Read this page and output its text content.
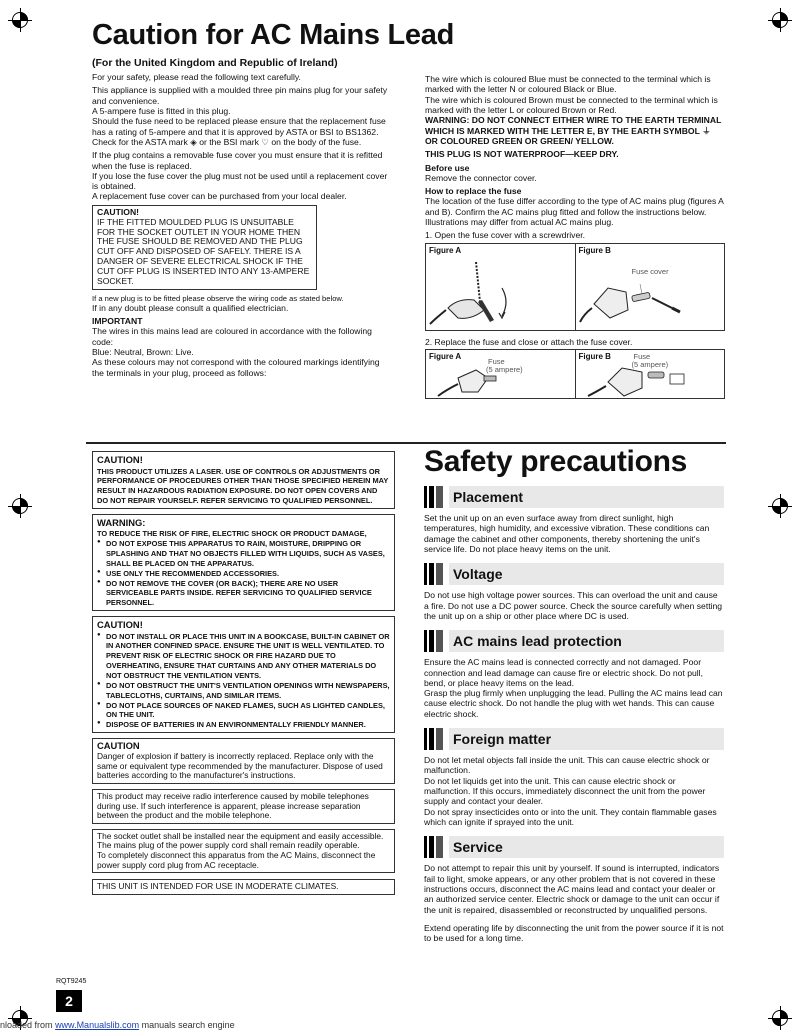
Caution for AC Mains Lead
(For the United Kingdom and Republic of Ireland)

For your safety, please read the following text carefully.

This appliance is supplied with a moulded three pin mains plug for your safety and convenience.

A 5-ampere fuse is fitted in this plug.

Should the fuse need to be replaced please ensure that the replacement fuse has a rating of 5-ampere and that it is approved by ASTA or BSI to BS1362.

Check for the ASTA mark ◈ or the BSI mark ♡ on the body of the fuse.

If the plug contains a removable fuse cover you must ensure that it is refitted when the fuse is replaced.

If you lose the fuse cover the plug must not be used until a replacement cover is obtained.

A replacement fuse cover can be purchased from your local dealer.

CAUTION!
IF THE FITTED MOULDED PLUG IS UNSUITABLE FOR THE SOCKET OUTLET IN YOUR HOME THEN THE FUSE SHOULD BE REMOVED AND THE PLUG CUT OFF AND DISPOSED OF SAFELY. THERE IS A DANGER OF SEVERE ELECTRICAL SHOCK IF THE CUT OFF PLUG IS INSERTED INTO ANY 13-AMPERE SOCKET.

If a new plug is to be fitted please observe the wiring code as stated below.

If in any doubt please consult a qualified electrician.

IMPORTANT

The wires in this mains lead are coloured in accordance with the following code:

Blue: Neutral, Brown: Live.

As these colours may not correspond with the coloured markings identifying the terminals in your plug, proceed as follows:

The wire which is coloured Blue must be connected to the terminal which is marked with the letter N or coloured Black or Blue.

The wire which is coloured Brown must be connected to the terminal which is marked with the letter L or coloured Brown or Red.

WARNING: DO NOT CONNECT EITHER WIRE TO THE EARTH TERMINAL WHICH IS MARKED WITH THE LETTER E, BY THE EARTH SYMBOL ⏚ OR COLOURED GREEN OR GREEN/ YELLOW.

THIS PLUG IS NOT WATERPROOF—KEEP DRY.

Before use

Remove the connector cover.

How to replace the fuse

The location of the fuse differ according to the type of AC mains plug (figures A and B). Confirm the AC mains plug fitted and follow the instructions below.

Illustrations may differ from actual AC mains plug.

1. Open the fuse cover with a screwdriver.

Figure A	Figure B
Fuse cover

2. Replace the fuse and close or attach the fuse cover.

Figure A
Fuse
(5 ampere)
Figure B	Fuse
(5 ampere)
CAUTION!
THIS PRODUCT UTILIZES A LASER. USE OF CONTROLS OR ADJUSTMENTS OR PERFORMANCE OF PROCEDURES OTHER THAN THOSE SPECIFIED HEREIN MAY RESULT IN HAZARDOUS RADIATION EXPOSURE. DO NOT OPEN COVERS AND DO NOT REPAIR YOURSELF. REFER SERVICING TO QUALIFIED PERSONNEL.
WARNING:
TO REDUCE THE RISK OF FIRE, ELECTRIC SHOCK OR PRODUCT DAMAGE,
● DO NOT EXPOSE THIS APPARATUS TO RAIN, MOISTURE, DRIPPING OR SPLASHING AND THAT NO OBJECTS FILLED WITH LIQUIDS, SUCH AS VASES, SHALL BE PLACED ON THE APPARATUS.
● USE ONLY THE RECOMMENDED ACCESSORIES.
● DO NOT REMOVE THE COVER (OR BACK); THERE ARE NO USER SERVICEABLE PARTS INSIDE. REFER SERVICING TO QUALIFIED SERVICE PERSONNEL.
CAUTION!
● DO NOT INSTALL OR PLACE THIS UNIT IN A BOOKCASE, BUILT-IN CABINET OR IN ANOTHER CONFINED SPACE. ENSURE THE UNIT IS WELL VENTILATED. TO PREVENT RISK OF ELECTRIC SHOCK OR FIRE HAZARD DUE TO OVERHEATING, ENSURE THAT CURTAINS AND ANY OTHER MATERIALS DO NOT OBSTRUCT THE VENTILATION VENTS.
● DO NOT OBSTRUCT THE UNIT'S VENTILATION OPENINGS WITH NEWSPAPERS, TABLECLOTHS, CURTAINS, AND SIMILAR ITEMS.
● DO NOT PLACE SOURCES OF NAKED FLAMES, SUCH AS LIGHTED CANDLES, ON THE UNIT.
● DISPOSE OF BATTERIES IN AN ENVIRONMENTALLY FRIENDLY MANNER.
CAUTION
Danger of explosion if battery is incorrectly replaced. Replace only with the same or equivalent type recommended by the manufacturer. Dispose of used batteries according to the manufacturer's instructions.
This product may receive radio interference caused by mobile telephones during use. If such interference is apparent, please increase separation between the product and the mobile telephone.
The socket outlet shall be installed near the equipment and easily accessible.
The mains plug of the power supply cord shall remain readily operable.
To completely disconnect this apparatus from the AC Mains, disconnect the power supply cord plug from AC receptacle.
THIS UNIT IS INTENDED FOR USE IN MODERATE CLIMATES.
Safety precautions
Placement
Set the unit up on an even surface away from direct sunlight, high temperatures, high humidity, and excessive vibration. These conditions can damage the cabinet and other components, thereby shortening the unit's service life. Do not place heavy items on the unit.
Voltage
Do not use high voltage power sources. This can overload the unit and cause a fire. Do not use a DC power source. Check the source carefully when setting the unit up on a ship or other place where DC is used.
AC mains lead protection
Ensure the AC mains lead is connected correctly and not damaged. Poor connection and lead damage can cause fire or electric shock. Do not pull, bend, or place heavy items on the lead.
Grasp the plug firmly when unplugging the lead. Pulling the AC mains lead can cause electric shock. Do not handle the plug with wet hands. This can cause electric shock.
Foreign matter
Do not let metal objects fall inside the unit. This can cause electric shock or malfunction.
Do not let liquids get into the unit. This can cause electric shock or malfunction. If this occurs, immediately disconnect the unit from the power supply and contact your dealer.
Do not spray insecticides onto or into the unit. They contain flammable gases which can ignite if sprayed into the unit.
Service
Do not attempt to repair this unit by yourself. If sound is interrupted, indicators fail to light, smoke appears, or any other problem that is not covered in these instructions occurs, disconnect the AC mains lead and contact your dealer or an authorized service center. Electric shock or damage to the unit can occur if the unit is repaired, disassembled or reconstructed by unqualified persons.
Extend operating life by disconnecting the unit from the power source if it is not to be used for a long time.
RQT9245
2
nloaded from www.Manualslib.com manuals search engine
